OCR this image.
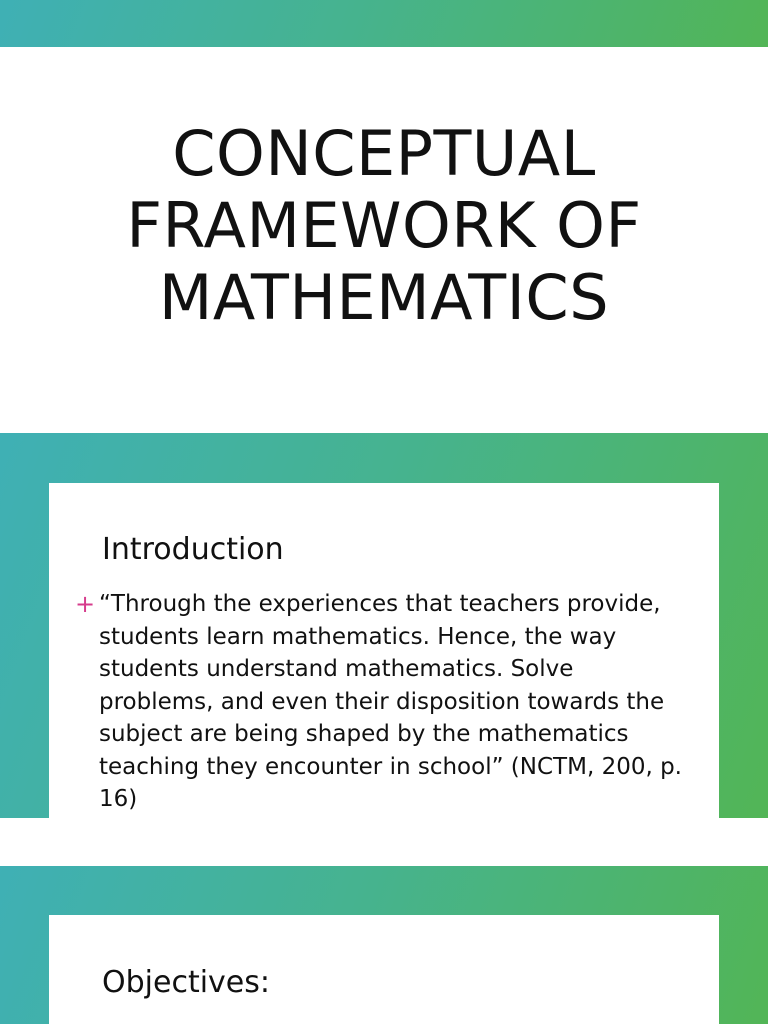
CONCEPTUAL FRAMEWORK OF MATHEMATICS
Introduction
+ “Through the experiences that teachers provide, students learn mathematics. Hence, the way students understand mathematics. Solve problems, and even their disposition towards the subject are being shaped by the mathematics teaching they encounter in school” (NCTM, 200, p. 16)
Objectives:
